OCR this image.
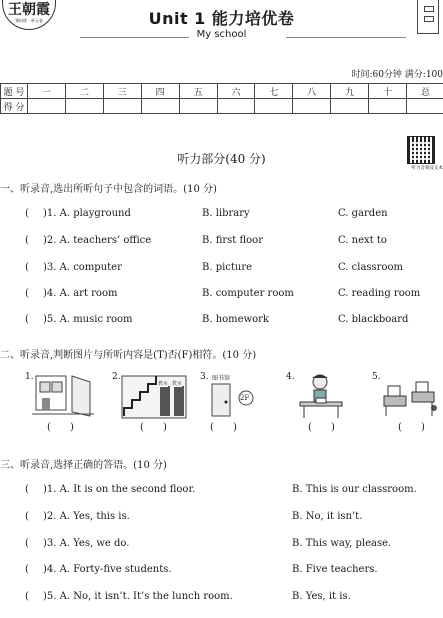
王朝霞
课时练 · 单元卷	Unit 1 能力培优卷
My school
时间:60分钟 满分:100
题 号	一	二	三	四	五	六	七	八	九	十	总
得 分											
听力部分(40 分)
听力音频及文本
一、听录音,选出所听句子中包含的词语。(10 分)
( )1. A. playground	B. library	C. garden
( )2. A. teachers’ office	B. first floor	C. next to
( )3. A. computer	B. picture	C. classroom
( )4. A. art room	B. computer room	C. reading room
( )5. A. music room	B. homework	C. blackboard
二、听录音,判断图片与所听内容是(T)否(F)相符。(10 分)
1.
(      )
2.
教室 教室
(      )
3. 图书馆
2F
(      )
4.
(      )
5.
(      )
三、听录音,选择正确的答语。(10 分)
( )1. A. It is on the second floor.	B. This is our classroom.
( )2. A. Yes, this is.	B. No, it isn’t.
( )3. A. Yes, we do.	B. This way, please.
( )4. A. Forty-five students.	B. Five teachers.
( )5. A. No, it isn’t. It’s the lunch room.	B. Yes, it is.
